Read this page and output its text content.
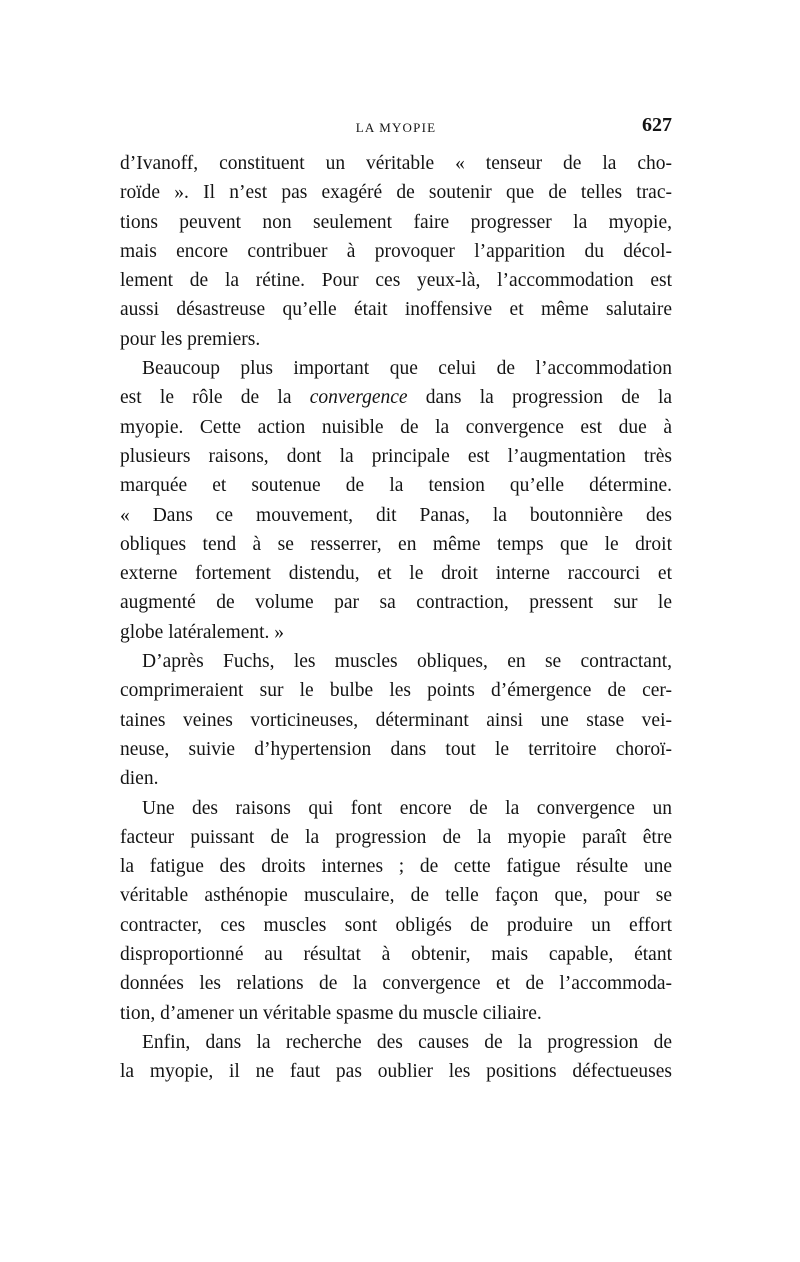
LA MYOPIE	627
d’Ivanoff, constituent un véritable « tenseur de la cho-
roïde ». Il n’est pas exagéré de soutenir que de telles trac-
tions peuvent non seulement faire progresser la myopie,
mais encore contribuer à provoquer l’apparition du décol-
lement de la rétine. Pour ces yeux-là, l’accommodation est
aussi désastreuse qu’elle était inoffensive et même salutaire
pour les premiers.
Beaucoup plus important que celui de l’accommodation
est le rôle de la convergence dans la progression de la
myopie. Cette action nuisible de la convergence est due à
plusieurs raisons, dont la principale est l’augmentation très
marquée et soutenue de la tension qu’elle détermine.
« Dans ce mouvement, dit Panas, la boutonnière des
obliques tend à se resserrer, en même temps que le droit
externe fortement distendu, et le droit interne raccourci et
augmenté de volume par sa contraction, pressent sur le
globe latéralement. »
D’après Fuchs, les muscles obliques, en se contractant,
comprimeraient sur le bulbe les points d’émergence de cer-
taines veines vorticineuses, déterminant ainsi une stase vei-
neuse, suivie d’hypertension dans tout le territoire choroï-
dien.
Une des raisons qui font encore de la convergence un
facteur puissant de la progression de la myopie paraît être
la fatigue des droits internes ; de cette fatigue résulte une
véritable asthénopie musculaire, de telle façon que, pour se
contracter, ces muscles sont obligés de produire un effort
disproportionné au résultat à obtenir, mais capable, étant
données les relations de la convergence et de l’accommoda-
tion, d’amener un véritable spasme du muscle ciliaire.
Enfin, dans la recherche des causes de la progression de
la myopie, il ne faut pas oublier les positions défectueuses
